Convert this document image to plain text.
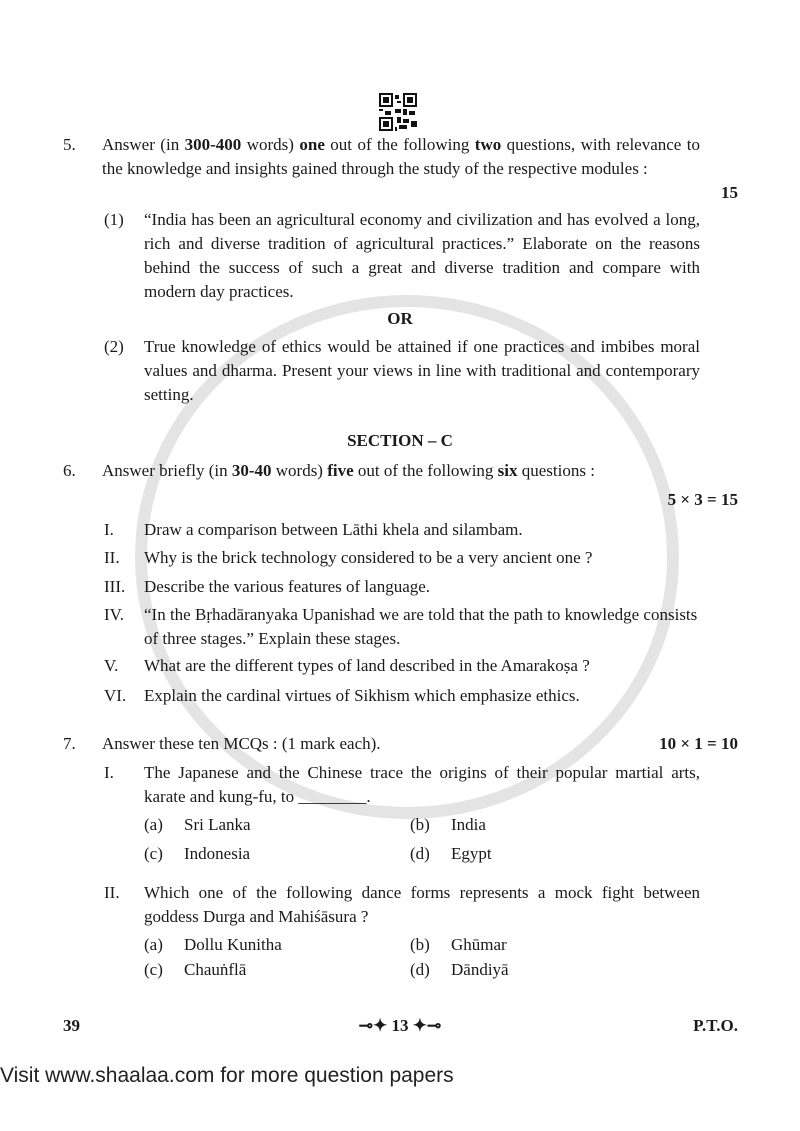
5. Answer (in 300-400 words) one out of the following two questions, with relevance to the knowledge and insights gained through the study of the respective modules :
15
(1) “India has been an agricultural economy and civilization and has evolved a long, rich and diverse tradition of agricultural practices.” Elaborate on the reasons behind the success of such a great and diverse tradition and compare with modern day practices.
OR
(2) True knowledge of ethics would be attained if one practices and imbibes moral values and dharma. Present your views in line with traditional and contemporary setting.
SECTION – C
6. Answer briefly (in 30-40 words) five out of the following six questions :
5 × 3 = 15
I. Draw a comparison between Lāthi khela and silambam.
II. Why is the brick technology considered to be a very ancient one ?
III. Describe the various features of language.
IV. “In the Bṛhadāranyaka Upanishad we are told that the path to knowledge consists of three stages.” Explain these stages.
V. What are the different types of land described in the Amarakoṣa ?
VI. Explain the cardinal virtues of Sikhism which emphasize ethics.
7. Answer these ten MCQs : (1 mark each).	10 × 1 = 10
I. The Japanese and the Chinese trace the origins of their popular martial arts, karate and kung-fu, to ________.
(a) Sri Lanka	(b) India
(c) Indonesia	(d) Egypt
II. Which one of the following dance forms represents a mock fight between goddess Durga and Mahiśāsura ?
(a) Dollu Kunitha	(b) Ghūmar
(c) Chauṅflā	(d) Dāndiyā
39	⊸✦ 13 ✦⊸	P.T.O.
Visit www.shaalaa.com for more question papers
